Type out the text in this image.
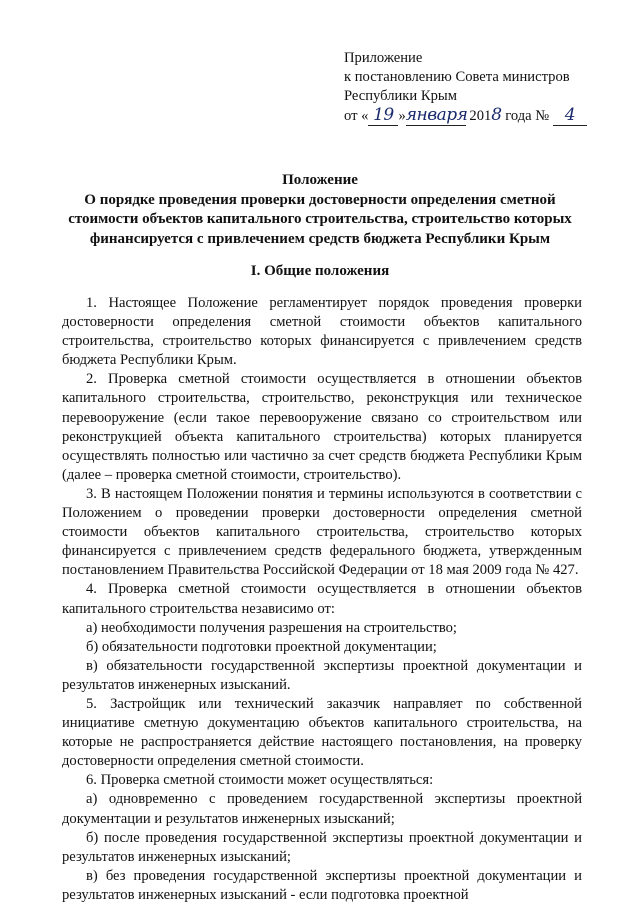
Приложение
к постановлению Совета министров
Республики Крым
от « 19 »января 2018 года № 4
Положение
О порядке проведения проверки достоверности определения сметной стоимости объектов капитального строительства, строительство которых финансируется с привлечением средств бюджета Республики Крым
I. Общие положения

1. Настоящее Положение регламентирует порядок проведения проверки достоверности определения сметной стоимости объектов капитального строительства, строительство которых финансируется с привлечением средств бюджета Республики Крым.

2. Проверка сметной стоимости осуществляется в отношении объектов капитального строительства, строительство, реконструкция или техническое перевооружение (если такое перевооружение связано со строительством или реконструкцией объекта капитального строительства) которых планируется осуществлять полностью или частично за счет средств бюджета Республики Крым (далее – проверка сметной стоимости, строительство).

3. В настоящем Положении понятия и термины используются в соответствии с Положением о проведении проверки достоверности определения сметной стоимости объектов капитального строительства, строительство которых финансируется с привлечением средств федерального бюджета, утвержденным постановлением Правительства Российской Федерации от 18 мая 2009 года № 427.

4. Проверка сметной стоимости осуществляется в отношении объектов капитального строительства независимо от:

а) необходимости получения разрешения на строительство;

б) обязательности подготовки проектной документации;

в) обязательности государственной экспертизы проектной документации и результатов инженерных изысканий.

5. Застройщик или технический заказчик направляет по собственной инициативе сметную документацию объектов капитального строительства, на которые не распространяется действие настоящего постановления, на проверку достоверности определения сметной стоимости.

6. Проверка сметной стоимости может осуществляться:

а) одновременно с проведением государственной экспертизы проектной документации и результатов инженерных изысканий;

б) после проведения государственной экспертизы проектной документации и результатов инженерных изысканий;

в) без проведения государственной экспертизы проектной документации и результатов инженерных изысканий - если подготовка проектной
